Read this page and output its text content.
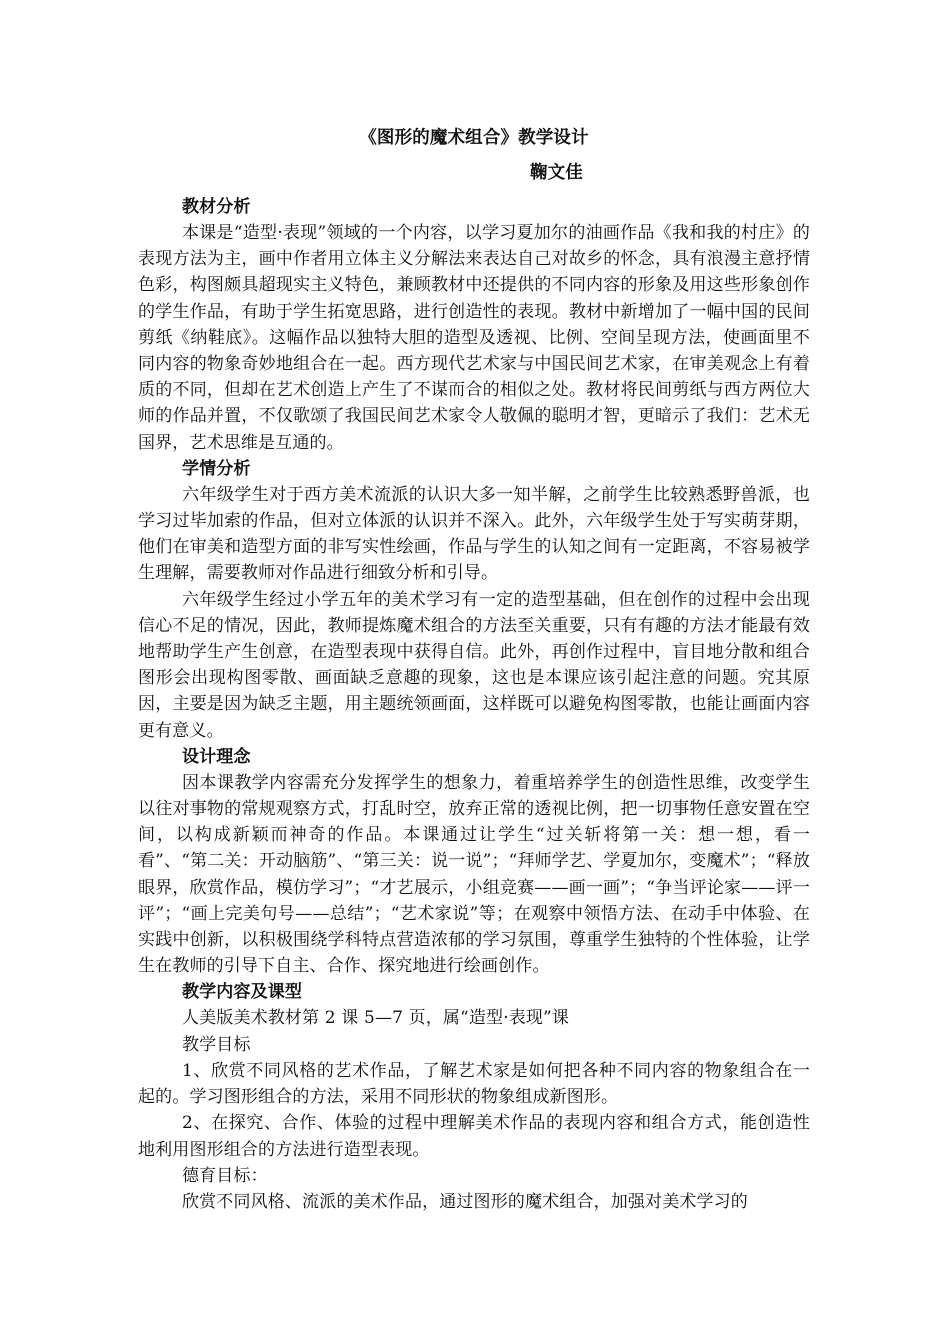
《图形的魔术组合》教学设计

鞠文佳

教材分析

本课是“造型·表现”领域的一个内容，以学习夏加尔的油画作品《我和我的村庄》的表现方法为主，画中作者用立体主义分解法来表达自己对故乡的怀念，具有浪漫主意抒情色彩，构图颇具超现实主义特色，兼顾教材中还提供的不同内容的形象及用这些形象创作的学生作品，有助于学生拓宽思路，进行创造性的表现。教材中新增加了一幅中国的民间剪纸《纳鞋底》。这幅作品以独特大胆的造型及透视、比例、空间呈现方法，使画面里不同内容的物象奇妙地组合在一起。西方现代艺术家与中国民间艺术家，在审美观念上有着质的不同，但却在艺术创造上产生了不谋而合的相似之处。教材将民间剪纸与西方两位大师的作品并置，不仅歌颂了我国民间艺术家令人敬佩的聪明才智，更暗示了我们：艺术无国界，艺术思维是互通的。

学情分析

六年级学生对于西方美术流派的认识大多一知半解，之前学生比较熟悉野兽派，也学习过毕加索的作品，但对立体派的认识并不深入。此外，六年级学生处于写实萌芽期，他们在审美和造型方面的非写实性绘画，作品与学生的认知之间有一定距离，不容易被学生理解，需要教师对作品进行细致分析和引导。

六年级学生经过小学五年的美术学习有一定的造型基础，但在创作的过程中会出现信心不足的情况，因此，教师提炼魔术组合的方法至关重要，只有有趣的方法才能最有效地帮助学生产生创意，在造型表现中获得自信。此外，再创作过程中，盲目地分散和组合图形会出现构图零散、画面缺乏意趣的现象，这也是本课应该引起注意的问题。究其原因，主要是因为缺乏主题，用主题统领画面，这样既可以避免构图零散，也能让画面内容更有意义。

设计理念

因本课教学内容需充分发挥学生的想象力，着重培养学生的创造性思维，改变学生以往对事物的常规观察方式，打乱时空，放弃正常的透视比例，把一切事物任意安置在空间，以构成新颖而神奇的作品。本课通过让学生“过关斩将第一关：想一想，看一看”、“第二关：开动脑筋”、“第三关：说一说”；“拜师学艺、学夏加尔，变魔术”；“释放眼界，欣赏作品，模仿学习”；“才艺展示，小组竞赛——画一画”；“争当评论家——评一评”；“画上完美句号——总结”；“艺术家说”等；在观察中领悟方法、在动手中体验、在实践中创新，以积极围绕学科特点营造浓郁的学习氛围，尊重学生独特的个性体验，让学生在教师的引导下自主、合作、探究地进行绘画创作。

教学内容及课型

人美版美术教材第 2 课 5—7 页，属“造型·表现”课

教学目标

1、欣赏不同风格的艺术作品，了解艺术家是如何把各种不同内容的物象组合在一起的。学习图形组合的方法，采用不同形状的物象组成新图形。

2、在探究、合作、体验的过程中理解美术作品的表现内容和组合方式，能创造性地利用图形组合的方法进行造型表现。

德育目标：

欣赏不同风格、流派的美术作品，通过图形的魔术组合，加强对美术学习的
